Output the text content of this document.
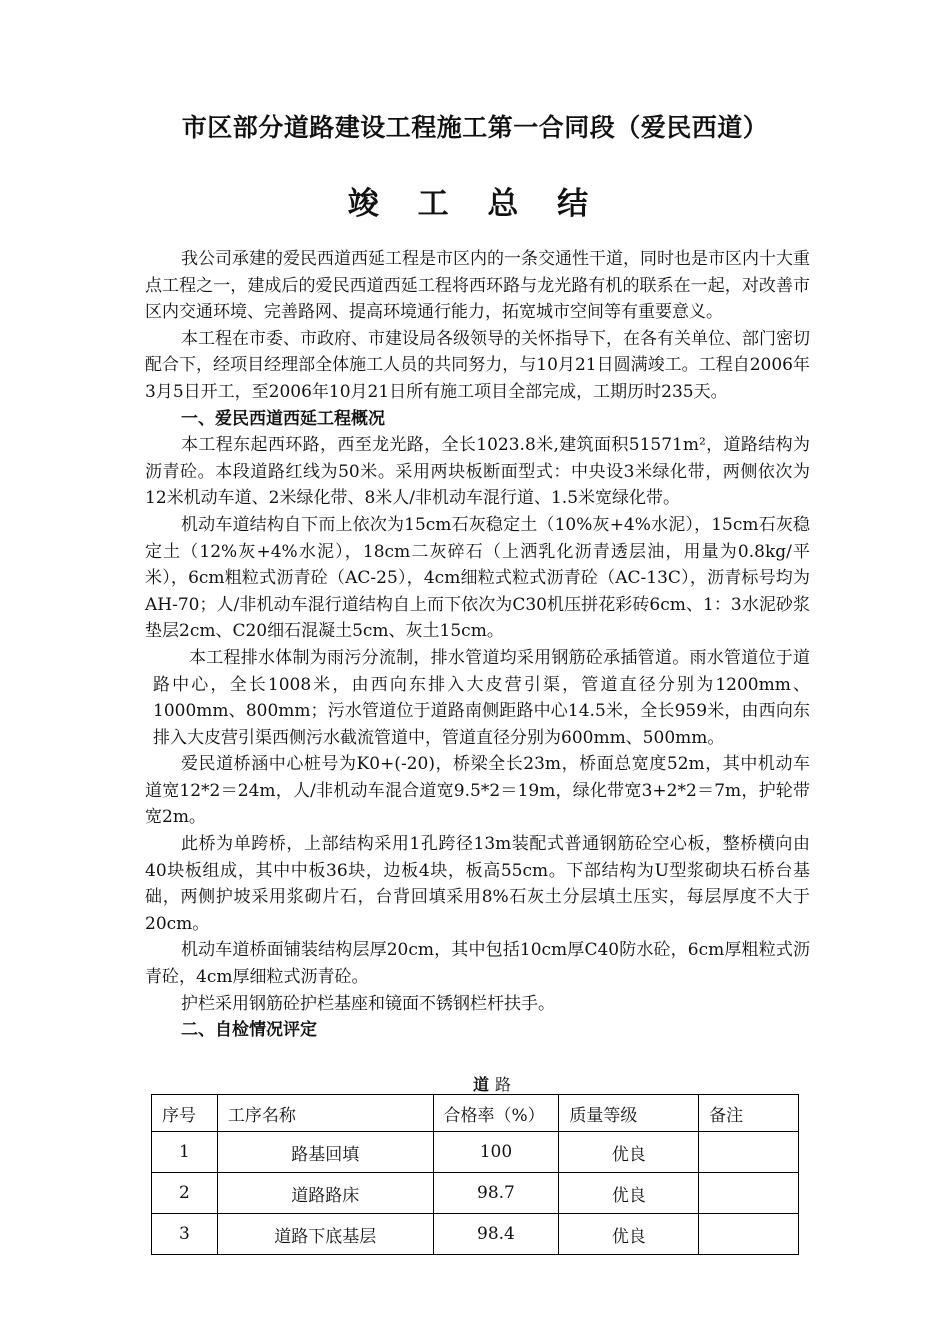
市区部分道路建设工程施工第一合同段（爱民西道）
竣 工 总 结

我公司承建的爱民西道西延工程是市区内的一条交通性干道，同时也是市区内十大重点工程之一，建成后的爱民西道西延工程将西环路与龙光路有机的联系在一起，对改善市区内交通环境、完善路网、提高环境通行能力，拓宽城市空间等有重要意义。

本工程在市委、市政府、市建设局各级领导的关怀指导下，在各有关单位、部门密切配合下，经项目经理部全体施工人员的共同努力，与10月21日圆满竣工。工程自2006年3月5日开工，至2006年10月21日所有施工项目全部完成，工期历时235天。

一、爱民西道西延工程概况

本工程东起西环路，西至龙光路，全长1023.8米,建筑面积51571m²，道路结构为沥青砼。本段道路红线为50米。采用两块板断面型式：中央设3米绿化带，两侧依次为12米机动车道、2米绿化带、8米人/非机动车混行道、1.5米宽绿化带。

机动车道结构自下而上依次为15cm石灰稳定土（10%灰+4%水泥），15cm石灰稳定土（12%灰+4%水泥），18cm二灰碎石（上洒乳化沥青透层油，用量为0.8kg/平米），6cm粗粒式沥青砼（AC-25），4cm细粒式粒式沥青砼（AC-13C），沥青标号均为AH-70；人/非机动车混行道结构自上而下依次为C30机压拼花彩砖6cm、1：3水泥砂浆垫层2cm、C20细石混凝土5cm、灰土15cm。

本工程排水体制为雨污分流制，排水管道均采用钢筋砼承插管道。雨水管道位于道路中心，全长1008米，由西向东排入大皮营引渠，管道直径分别为1200mm、1000mm、800mm；污水管道位于道路南侧距路中心14.5米，全长959米，由西向东排入大皮营引渠西侧污水截流管道中，管道直径分别为600mm、500mm。

爱民道桥涵中心桩号为K0+(-20)，桥梁全长23m，桥面总宽度52m，其中机动车道宽12*2＝24m，人/非机动车混合道宽9.5*2＝19m，绿化带宽3+2*2＝7m，护轮带宽2m。

此桥为单跨桥，上部结构采用1孔跨径13m装配式普通钢筋砼空心板，整桥横向由40块板组成，其中中板36块，边板4块，板高55cm。下部结构为U型浆砌块石桥台基础，两侧护坡采用浆砌片石，台背回填采用8%石灰土分层填土压实，每层厚度不大于20cm。

机动车道桥面铺装结构层厚20cm，其中包括10cm厚C40防水砼，6cm厚粗粒式沥青砼，4cm厚细粒式沥青砼。

护栏采用钢筋砼护栏基座和镜面不锈钢栏杆扶手。

二、自检情况评定
道路
序号	工序名称	合格率（%）	质量等级	备注
1	路基回填	100	优良	
2	道路路床	98.7	优良	
3	道路下底基层	98.4	优良	
